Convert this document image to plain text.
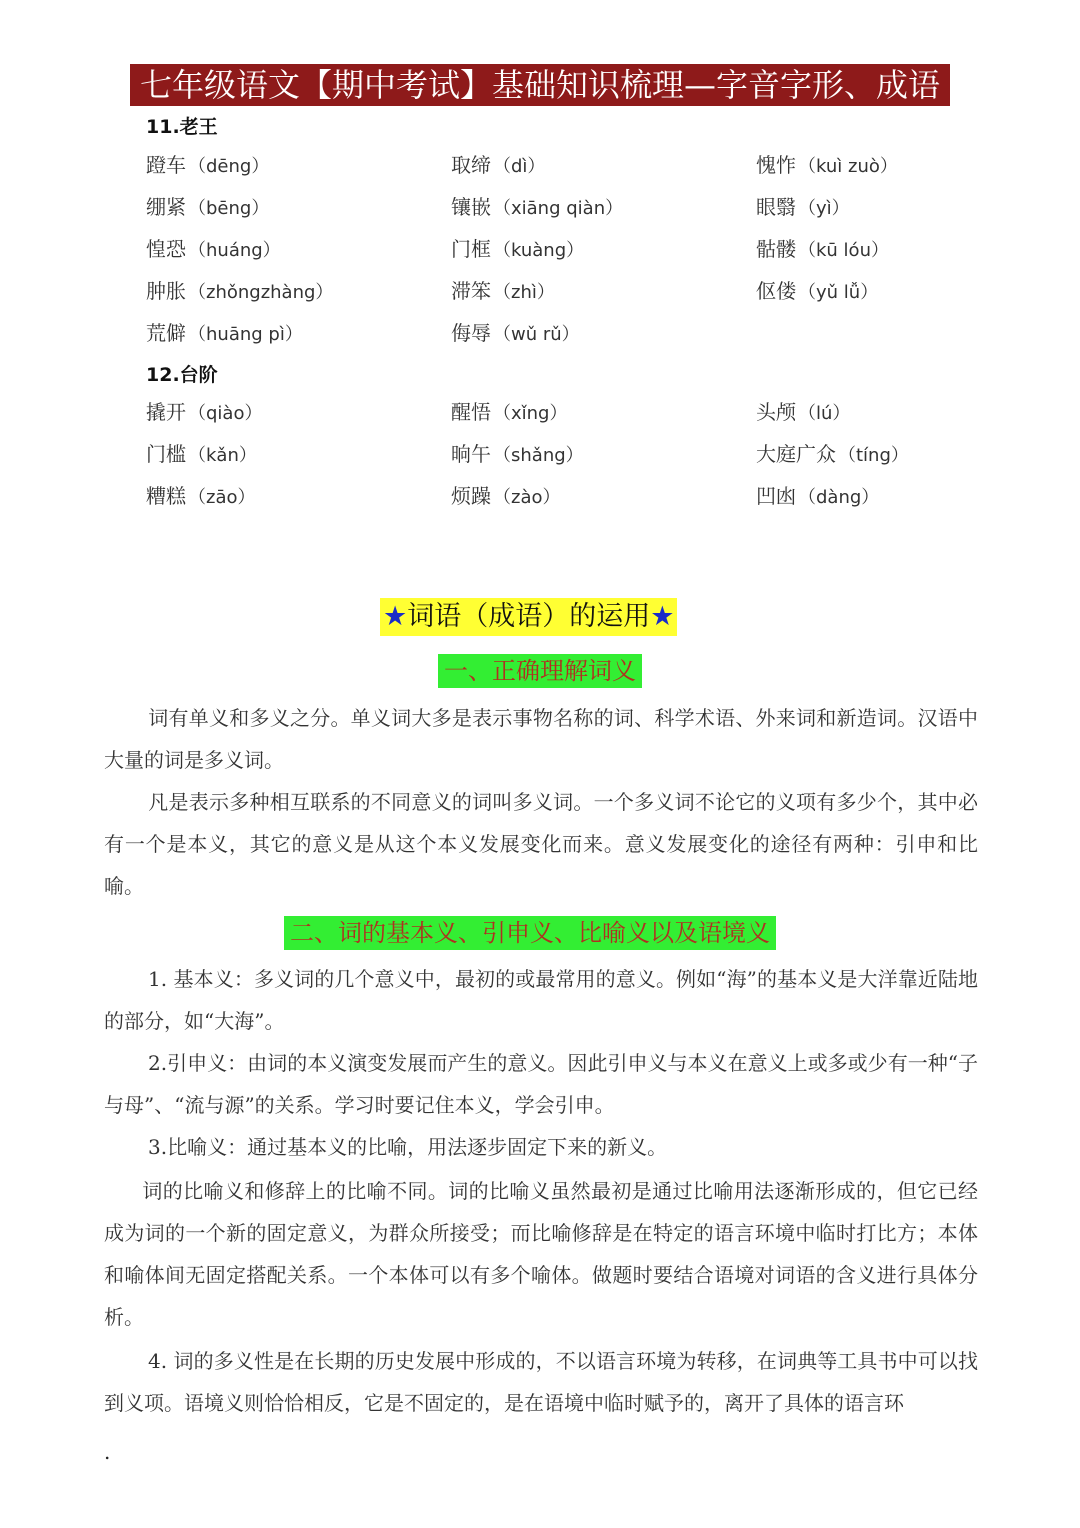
七年级语文【期中考试】基础知识梳理—字音字形、成语
11.老王
蹬车 （dēng）	取缔 （dì）	愧怍 （kuì zuò）
绷紧 （bēng）	镶嵌 （xiāng qiàn）	眼翳 （yì）
惶恐 （huáng）	门框 （kuàng）	骷髅 （kū lóu）
肿胀 （zhǒngzhàng）	滞笨 （zhì）	伛偻 （yǔ lǚ）
荒僻 （huāng pì）	侮辱 （wǔ rǔ）
12.台阶
撬开 （qiào）	醒悟 （xǐng）	头颅 （lú）
门槛 （kǎn）	晌午 （shǎng）	大庭广众 （tíng）
糟糕 （zāo）	烦躁 （zào）	凹凼 （dàng）
★词语（成语）的运用★
一、正确理解词义
词有单义和多义之分。单义词大多是表示事物名称的词、科学术语、外来词和新造词。汉语中大量的词是多义词。
凡是表示多种相互联系的不同意义的词叫多义词。一个多义词不论它的义项有多少个，其中必有一个是本义，其它的意义是从这个本义发展变化而来。意义发展变化的途径有两种：引申和比喻。
二、词的基本义、引申义、比喻义以及语境义
1. 基本义：多义词的几个意义中，最初的或最常用的意义。例如“海”的基本义是大洋靠近陆地的部分，如“大海”。
2.引申义：由词的本义演变发展而产生的意义。因此引申义与本义在意义上或多或少有一种“子与母”、“流与源”的关系。学习时要记住本义，学会引申。
3.比喻义：通过基本义的比喻，用法逐步固定下来的新义。
词的比喻义和修辞上的比喻不同。词的比喻义虽然最初是通过比喻用法逐渐形成的，但它已经成为词的一个新的固定意义，为群众所接受；而比喻修辞是在特定的语言环境中临时打比方；本体和喻体间无固定搭配关系。一个本体可以有多个喻体。做题时要结合语境对词语的含义进行具体分析。
4. 词的多义性是在长期的历史发展中形成的，不以语言环境为转移，在词典等工具书中可以找到义项。语境义则恰恰相反，它是不固定的，是在语境中临时赋予的，离开了具体的语言环
.
